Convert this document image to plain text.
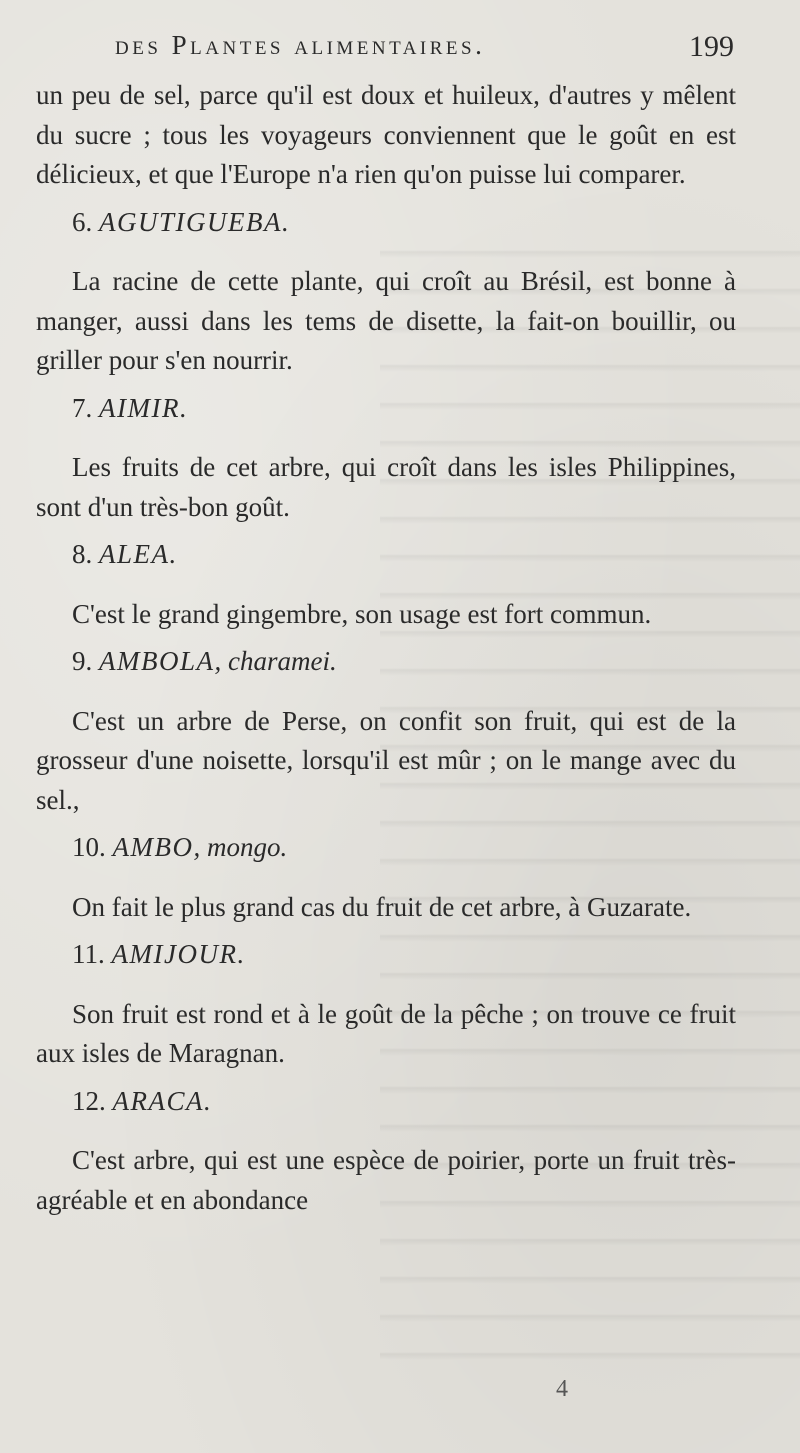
des Plantes alimentaires.	199

un peu de sel, parce qu'il est doux et huileux, d'autres y mêlent du sucre ; tous les voyageurs conviennent que le goût en est délicieux, et que l'Europe n'a rien qu'on puisse lui comparer.

6. AGUTIGUEBA.

La racine de cette plante, qui croît au Brésil, est bonne à manger, aussi dans les tems de disette, la fait-on bouillir, ou griller pour s'en nourrir.

7. AIMIR.

Les fruits de cet arbre, qui croît dans les isles Philippines, sont d'un très-bon goût.

8. ALEA.

C'est le grand gingembre, son usage est fort commun.

9. AMBOLA, charamei.

C'est un arbre de Perse, on confit son fruit, qui est de la grosseur d'une noisette, lorsqu'il est mûr ; on le mange avec du sel.,

10. AMBO, mongo.

On fait le plus grand cas du fruit de cet arbre, à Guzarate.

11. AMIJOUR.

Son fruit est rond et à le goût de la pêche ; on trouve ce fruit aux isles de Maragnan.

12. ARACA.

C'est arbre, qui est une espèce de poirier, porte un fruit très-agréable et en abondance

4
